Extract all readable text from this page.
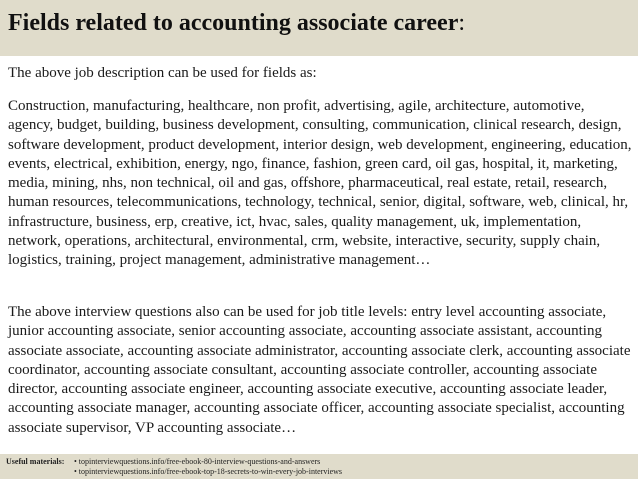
Fields related to accounting associate career:
The above job description can be used for fields as:
Construction, manufacturing, healthcare, non profit, advertising, agile, architecture, automotive, agency, budget, building, business development, consulting, communication, clinical research, design, software development, product development, interior design, web development, engineering, education, events, electrical, exhibition, energy, ngo, finance, fashion, green card, oil gas, hospital, it, marketing, media, mining, nhs, non technical, oil and gas, offshore, pharmaceutical, real estate, retail, research, human resources, telecommunications, technology, technical, senior, digital, software, web, clinical, hr, infrastructure, business, erp, creative, ict, hvac, sales, quality management, uk, implementation, network, operations, architectural, environmental, crm, website, interactive, security, supply chain, logistics, training, project management, administrative management…
The above interview questions also can be used for job title levels: entry level accounting associate, junior accounting associate, senior accounting associate, accounting associate assistant, accounting associate associate, accounting associate administrator, accounting associate clerk, accounting associate coordinator, accounting associate consultant, accounting associate controller, accounting associate director, accounting associate engineer, accounting associate executive, accounting associate leader, accounting associate manager, accounting associate officer, accounting associate specialist, accounting associate supervisor, VP accounting associate…
Useful materials: • topinterviewquestions.info/free-ebook-80-interview-questions-and-answers
• topinterviewquestions.info/free-ebook-top-18-secrets-to-win-every-job-interviews
